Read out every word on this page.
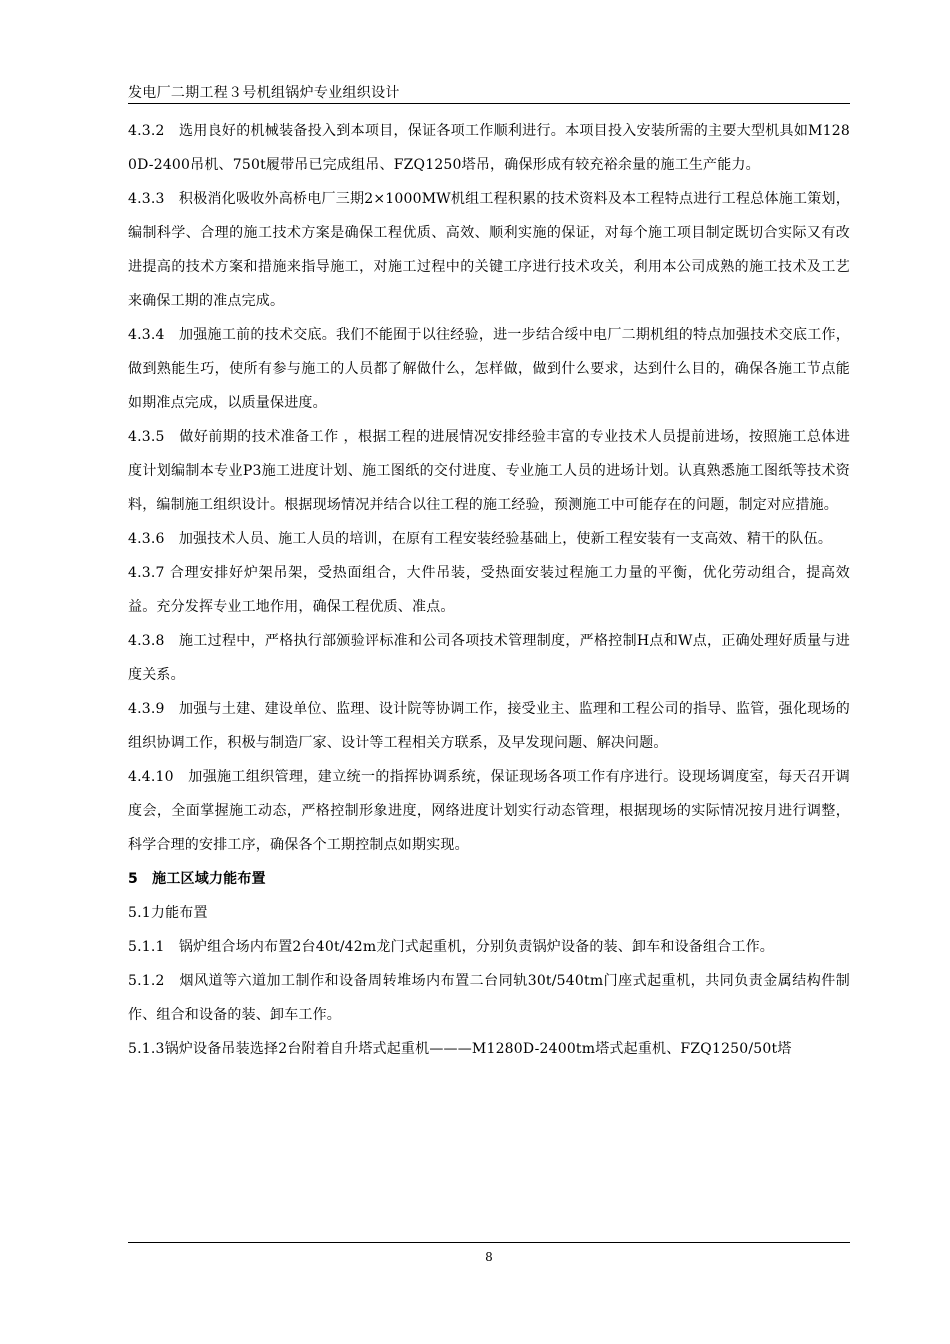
发电厂二期工程３号机组锅炉专业组织设计

4.3.2　选用良好的机械装备投入到本项目，保证各项工作顺利进行。本项目投入安装所需的主要大型机具如M1280D-2400吊机、750t履带吊已完成组吊、FZQ1250塔吊，确保形成有较充裕余量的施工生产能力。

4.3.3　积极消化吸收外高桥电厂三期2×1000MW机组工程积累的技术资料及本工程特点进行工程总体施工策划，编制科学、合理的施工技术方案是确保工程优质、高效、顺利实施的保证，对每个施工项目制定既切合实际又有改进提高的技术方案和措施来指导施工，对施工过程中的关键工序进行技术攻关，利用本公司成熟的施工技术及工艺来确保工期的准点完成。

4.3.4　加强施工前的技术交底。我们不能囿于以往经验，进一步结合绥中电厂二期机组的特点加强技术交底工作，做到熟能生巧，使所有参与施工的人员都了解做什么，怎样做，做到什么要求，达到什么目的，确保各施工节点能如期准点完成，以质量保进度。

4.3.5　做好前期的技术准备工作 ，根据工程的进展情况安排经验丰富的专业技术人员提前进场，按照施工总体进度计划编制本专业P3施工进度计划、施工图纸的交付进度、专业施工人员的进场计划。认真熟悉施工图纸等技术资料，编制施工组织设计。根据现场情况并结合以往工程的施工经验，预测施工中可能存在的问题，制定对应措施。

4.3.6　加强技术人员、施工人员的培训，在原有工程安装经验基础上，使新工程安装有一支高效、精干的队伍。

4.3.7 合理安排好炉架吊架，受热面组合，大件吊装，受热面安装过程施工力量的平衡，优化劳动组合，提高效益。充分发挥专业工地作用，确保工程优质、准点。

4.3.8　施工过程中，严格执行部颁验评标准和公司各项技术管理制度，严格控制H点和W点，正确处理好质量与进度关系。

4.3.9　加强与土建、建设单位、监理、设计院等协调工作，接受业主、监理和工程公司的指导、监管，强化现场的组织协调工作，积极与制造厂家、设计等工程相关方联系，及早发现问题、解决问题。

4.4.10　加强施工组织管理，建立统一的指挥协调系统，保证现场各项工作有序进行。设现场调度室，每天召开调度会，全面掌握施工动态，严格控制形象进度，网络进度计划实行动态管理，根据现场的实际情况按月进行调整，科学合理的安排工序，确保各个工期控制点如期实现。

5　施工区域力能布置

5.1力能布置

5.1.1　锅炉组合场内布置2台40t/42m龙门式起重机，分别负责锅炉设备的装、卸车和设备组合工作。

5.1.2　烟风道等六道加工制作和设备周转堆场内布置二台同轨30t/540tm门座式起重机，共同负责金属结构件制作、组合和设备的装、卸车工作。

5.1.3锅炉设备吊装选择2台附着自升塔式起重机———M1280D-2400tm塔式起重机、FZQ1250/50t塔

8
